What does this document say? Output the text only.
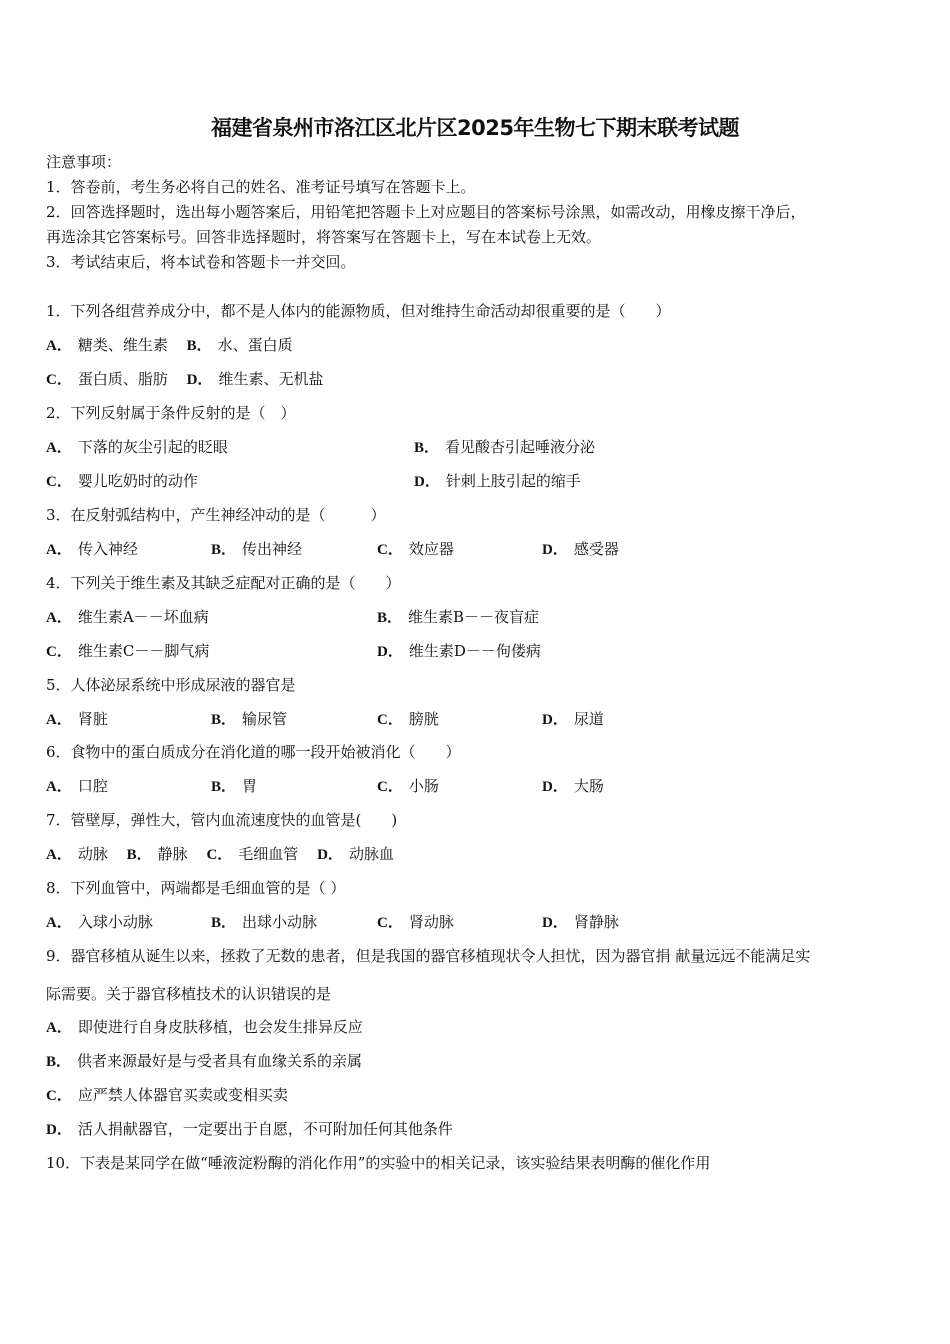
福建省泉州市洛江区北片区2025年生物七下期末联考试题
注意事项：
1．答卷前，考生务必将自己的姓名、准考证号填写在答题卡上。
2．回答选择题时，选出每小题答案后，用铅笔把答题卡上对应题目的答案标号涂黑，如需改动，用橡皮擦干净后，
再选涂其它答案标号。回答非选择题时，将答案写在答题卡上，写在本试卷上无效。
3．考试结束后，将本试卷和答题卡一并交回。
1．下列各组营养成分中，都不是人体内的能源物质，但对维持生命活动却很重要的是（　　）
A． 糖类、维生素 B． 水、蛋白质
C． 蛋白质、脂肪 D． 维生素、无机盐
2．下列反射属于条件反射的是（　）
A． 下落的灰尘引起的眨眼	B． 看见酸杏引起唾液分泌
C． 婴儿吃奶时的动作	D． 针刺上肢引起的缩手
3．在反射弧结构中，产生神经冲动的是（　　　）
A． 传入神经	B． 传出神经	C． 效应器	D． 感受器
4．下列关于维生素及其缺乏症配对正确的是（　　）
A． 维生素A－－坏血病	B． 维生素B－－夜盲症
C． 维生素C－－脚气病	D． 维生素D－－佝偻病
5．人体泌尿系统中形成尿液的器官是
A． 肾脏	B． 输尿管	C． 膀胱	D． 尿道
6．食物中的蛋白质成分在消化道的哪一段开始被消化（　　）
A． 口腔	B． 胃	C． 小肠	D． 大肠
7．管壁厚，弹性大，管内血流速度快的血管是(　　)
A． 动脉 B． 静脉 C． 毛细血管 D． 动脉血
8．下列血管中，两端都是毛细血管的是（ ）
A． 入球小动脉	B． 出球小动脉	C． 肾动脉	D． 肾静脉
9．器官移植从诞生以来，拯救了无数的患者，但是我国的器官移植现状令人担忧，因为器官捐 献量远远不能满足实
际需要。关于器官移植技术的认识错误的是
A． 即使进行自身皮肤移植，也会发生排异反应
B． 供者来源最好是与受者具有血缘关系的亲属
C． 应严禁人体器官买卖或变相买卖
D． 活人捐献器官，一定要出于自愿，不可附加任何其他条件
10．下表是某同学在做“唾液淀粉酶的消化作用”的实验中的相关记录，该实验结果表明酶的催化作用
